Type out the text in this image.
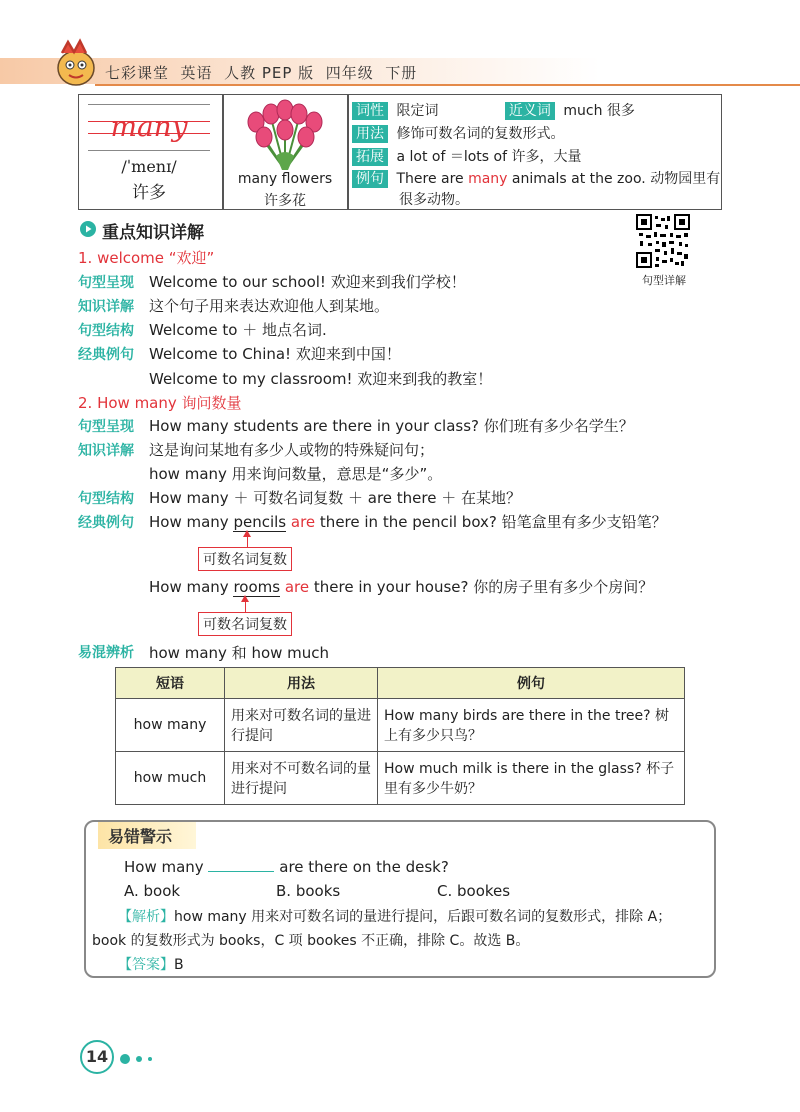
七彩课堂  英语  人教 PEP 版  四年级  下册
many
/ˈmenɪ/
许多
many flowers
许多花
词性 限定词	近义词 much 很多
用法 修饰可数名词的复数形式。
拓展 a lot of ＝lots of 许多，大量
例句 There are many animals at the zoo. 动物园里有
很多动物。
重点知识详解
句型详解
1. welcome “欢迎”
句型呈现 Welcome to our school! 欢迎来到我们学校！
知识详解 这个句子用来表达欢迎他人到某地。
句型结构 Welcome to ＋ 地点名词.
经典例句 Welcome to China! 欢迎来到中国！
Welcome to my classroom! 欢迎来到我的教室！
2. How many 询问数量
句型呈现 How many students are there in your class? 你们班有多少名学生？
知识详解 这是询问某地有多少人或物的特殊疑问句；
how many 用来询问数量，意思是“多少”。
句型结构 How many ＋ 可数名词复数 ＋ are there ＋ 在某地？
经典例句 How many pencils are there in the pencil box? 铅笔盒里有多少支铅笔？
可数名词复数
How many rooms are there in your house? 你的房子里有多少个房间？
可数名词复数
易混辨析 how many 和 how much
短语	用法	例句
how many	用来对可数名词的量进行提问	How many birds are there in the tree? 树上有多少只鸟？
how much	用来对不可数名词的量进行提问	How much milk is there in the glass? 杯子里有多少牛奶？
易错警示
How many	are there on the desk?
A. book	B. books	C. bookes
【解析】how many 用来对可数名词的量进行提问，后跟可数名词的复数形式，排除 A；
book 的复数形式为 books，C 项 bookes 不正确，排除 C。故选 B。
【答案】B
14
